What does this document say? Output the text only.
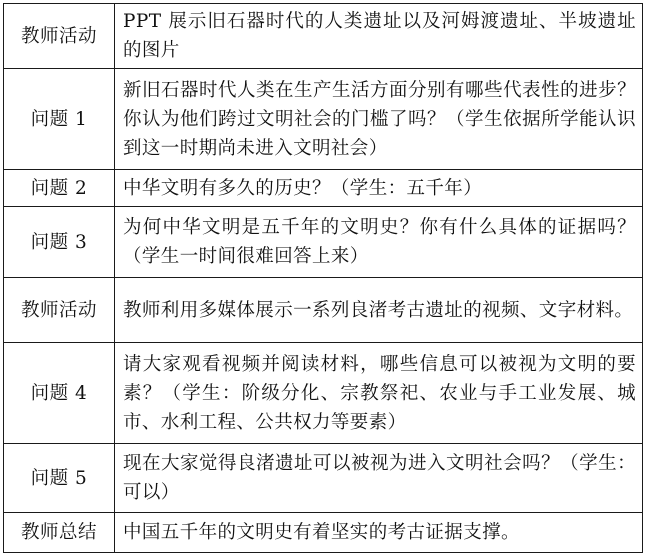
教师活动	PPT 展示旧石器时代的人类遗址以及河姆渡遗址、半坡遗址的图片
问题 1	新旧石器时代人类在生产生活方面分别有哪些代表性的进步？你认为他们跨过文明社会的门槛了吗？（学生依据所学能认识到这一时期尚未进入文明社会）
问题 2	中华文明有多久的历史？（学生：五千年）
问题 3	为何中华文明是五千年的文明史？你有什么具体的证据吗？（学生一时间很难回答上来）
教师活动	教师利用多媒体展示一系列良渚考古遗址的视频、文字材料。
问题 4	请大家观看视频并阅读材料，哪些信息可以被视为文明的要素？（学生：阶级分化、宗教祭祀、农业与手工业发展、城市、水利工程、公共权力等要素）
问题 5	现在大家觉得良渚遗址可以被视为进入文明社会吗？（学生：可以）
教师总结	中国五千年的文明史有着坚实的考古证据支撑。
